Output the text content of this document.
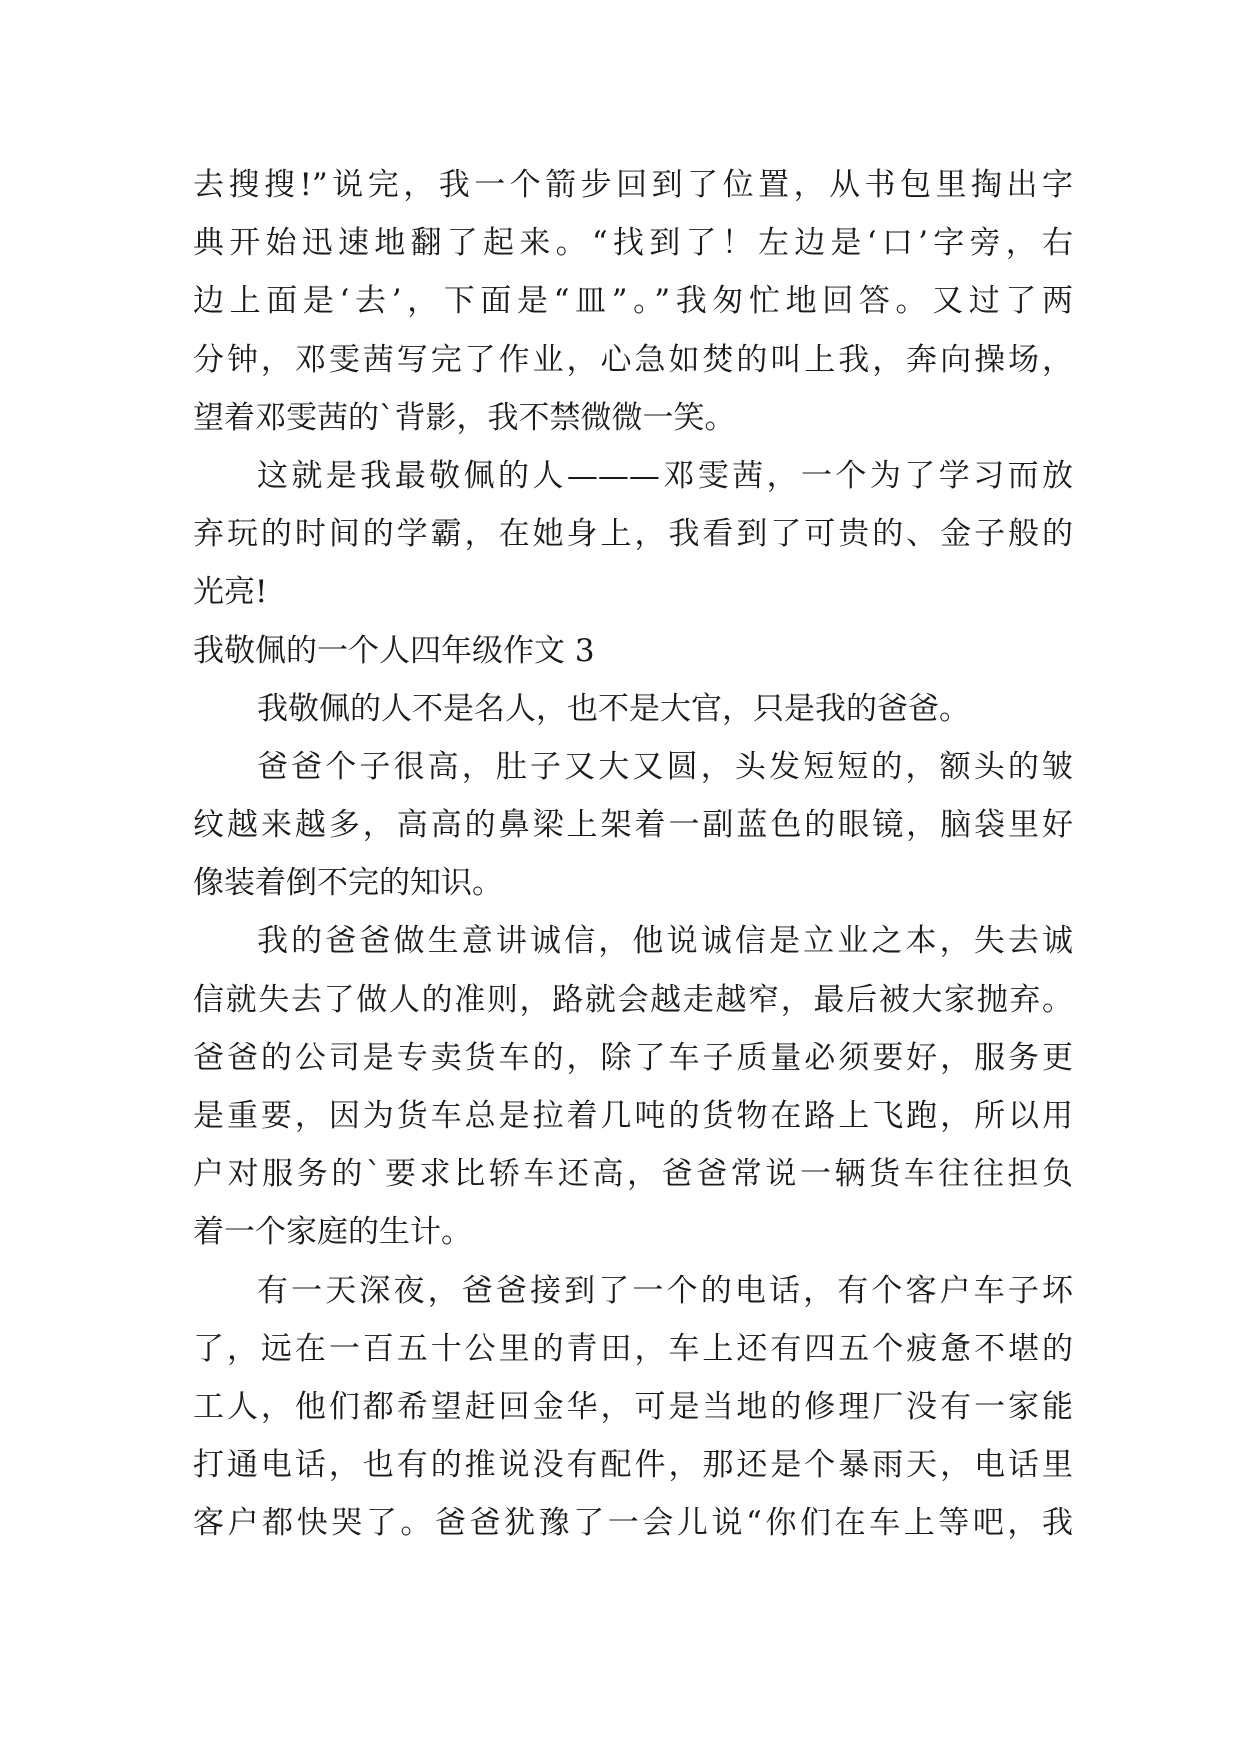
去搜搜!”说完，我一个箭步回到了位置，从书包里掏出字
典开始迅速地翻了起来。“找到了！左边是‘口’字旁，右
边上面是‘去’，下面是“皿”。”我匆忙地回答。又过了两
分钟，邓雯茜写完了作业，心急如焚的叫上我，奔向操场，
望着邓雯茜的`背影，我不禁微微一笑。
这就是我最敬佩的人———邓雯茜，一个为了学习而放
弃玩的时间的学霸，在她身上，我看到了可贵的、金子般的
光亮!
我敬佩的一个人四年级作文 3
我敬佩的人不是名人，也不是大官，只是我的爸爸。
爸爸个子很高，肚子又大又圆，头发短短的，额头的皱
纹越来越多，高高的鼻梁上架着一副蓝色的眼镜，脑袋里好
像装着倒不完的知识。
我的爸爸做生意讲诚信，他说诚信是立业之本，失去诚
信就失去了做人的准则，路就会越走越窄，最后被大家抛弃。
爸爸的公司是专卖货车的，除了车子质量必须要好，服务更
是重要，因为货车总是拉着几吨的货物在路上飞跑，所以用
户对服务的`要求比轿车还高，爸爸常说一辆货车往往担负
着一个家庭的生计。
有一天深夜，爸爸接到了一个的电话，有个客户车子坏
了，远在一百五十公里的青田，车上还有四五个疲惫不堪的
工人，他们都希望赶回金华，可是当地的修理厂没有一家能
打通电话，也有的推说没有配件，那还是个暴雨天，电话里
客户都快哭了。爸爸犹豫了一会儿说“你们在车上等吧，我
